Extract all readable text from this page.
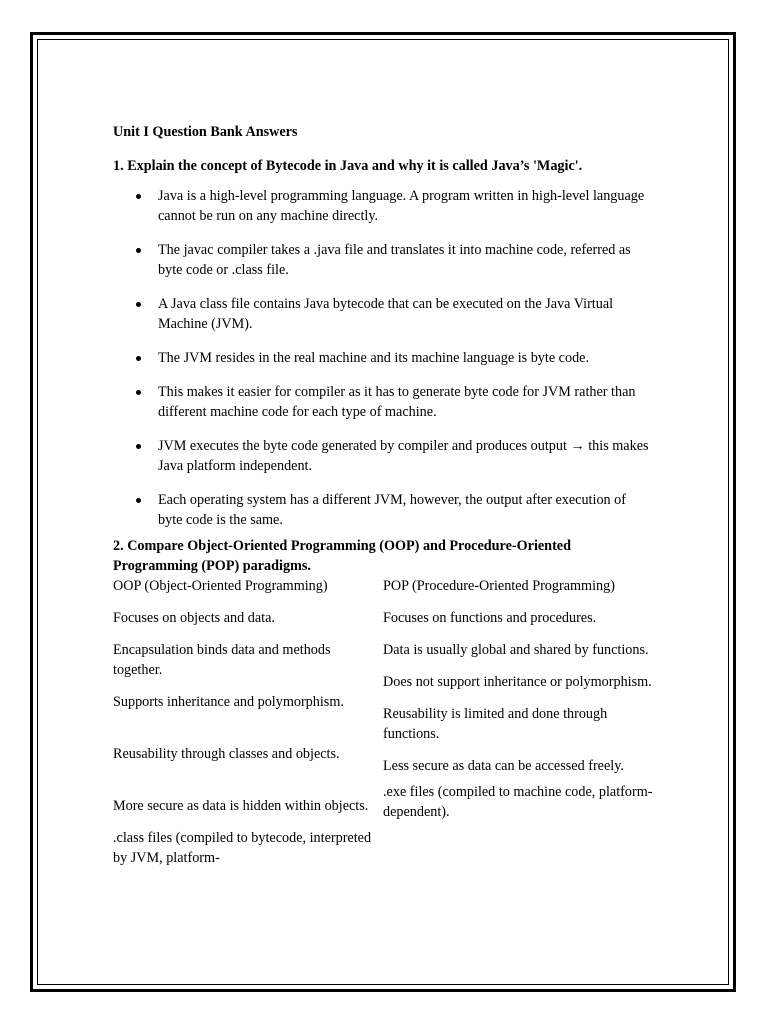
Unit I Question Bank Answers

1. Explain the concept of Bytecode in Java and why it is called Java’s 'Magic'.

Java is a high-level programming language. A program written in high-level language cannot be run on any machine directly.
The javac compiler takes a .java file and translates it into machine code, referred as byte code or .class file.
A Java class file contains Java bytecode that can be executed on the Java Virtual Machine (JVM).
The JVM resides in the real machine and its machine language is byte code.
This makes it easier for compiler as it has to generate byte code for JVM rather than different machine code for each type of machine.
JVM executes the byte code generated by compiler and produces output → this makes Java platform independent.
Each operating system has a different JVM, however, the output after execution of byte code is the same.

2. Compare Object-Oriented Programming (OOP) and Procedure-Oriented Programming (POP) paradigms.

OOP (Object-Oriented Programming)
Focuses on objects and data.
Encapsulation binds data and methods together.
Supports inheritance and polymorphism.
Reusability through classes and objects.
More secure as data is hidden within objects.
.class files (compiled to bytecode, interpreted by JVM, platform-
POP (Procedure-Oriented Programming)
Focuses on functions and procedures.
Data is usually global and shared by functions.
Does not support inheritance or polymorphism.
Reusability is limited and done through functions.
Less secure as data can be accessed freely.
.exe files (compiled to machine code, platform-dependent).
